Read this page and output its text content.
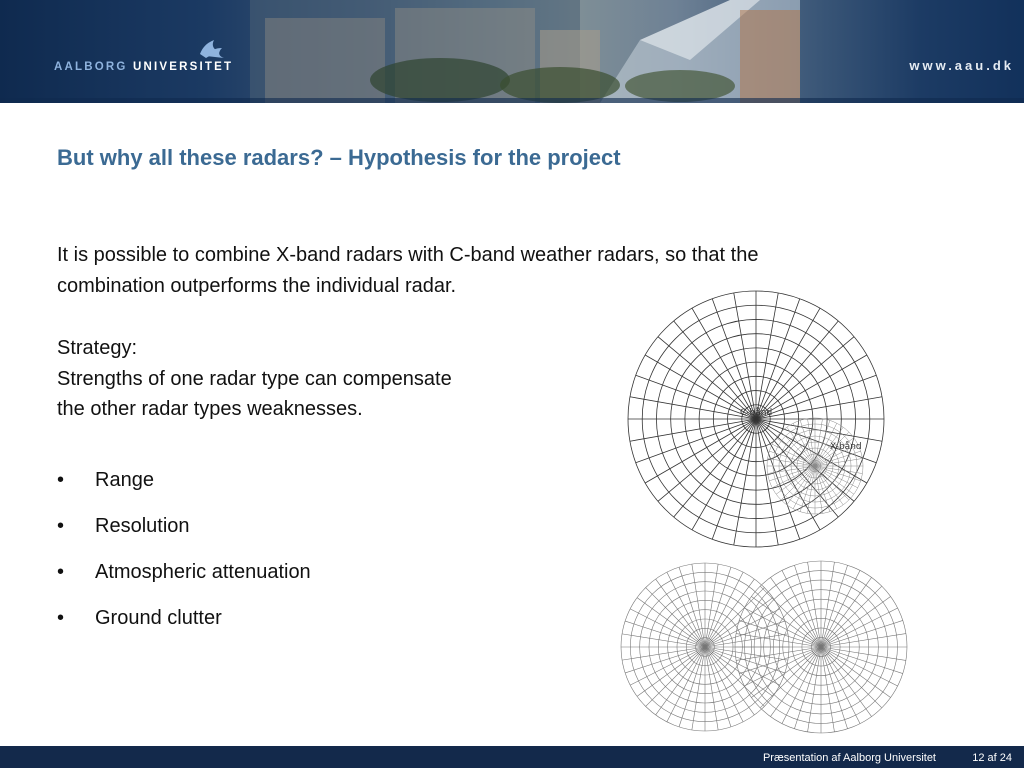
AALBORG UNIVERSITET	www.aau.dk
But why all these radars? – Hypothesis for the project
It is possible to combine X-band radars with C-band weather radars, so that the
combination outperforms the individual radar.
Strategy:
Strengths of one radar type can compensate
the other radar types weaknesses.
• Range
• Resolution
• Atmospheric attenuation
• Ground clutter
C-bånd
X-bånd
Præsentation af Aalborg Universitet	12 af 24
